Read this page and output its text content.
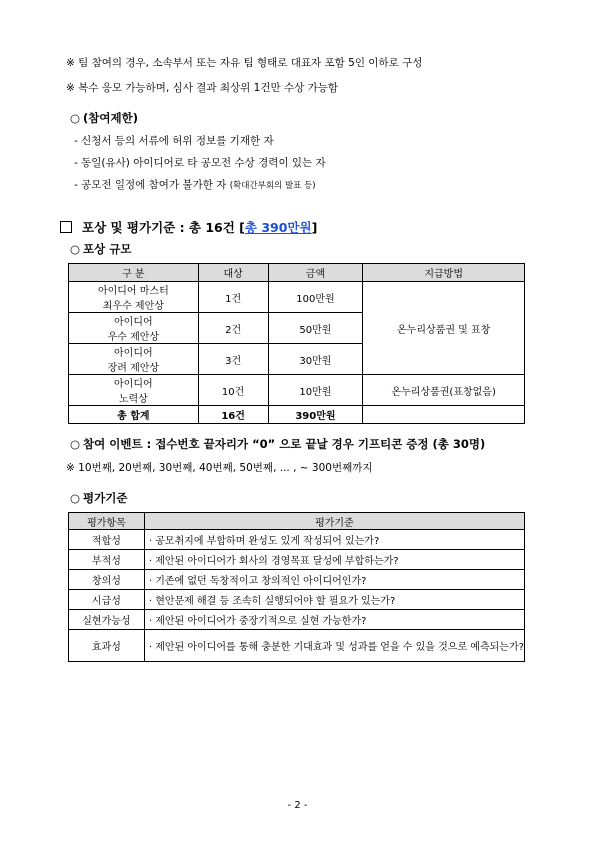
※ 팀 참여의 경우, 소속부서 또는 자유 팀 형태로 대표자 포함 5인 이하로 구성
※ 복수 응모 가능하며, 심사 결과 최상위 1건만 수상 가능함
○ (참여제한)
- 신청서 등의 서류에 허위 정보를 기재한 자
- 동일(유사) 아이디어로 타 공모전 수상 경력이 있는 자
- 공모전 일정에 참여가 불가한 자 (확대간부회의 발표 등)
포상 및 평가기준 : 총 16건 [총 390만원]
○ 포상 규모
구 분	대상	금액	지급방법
아이디어 마스터
최우수 제안상	1건	100만원	온누리상품권 및 표창
아이디어
우수 제안상	2건	50만원	
아이디어
장려 제안상	3건	30만원	
아이디어
노력상	10건	10만원	온누리상품권(표창없음)
총 합계	16건	390만원	
○ 참여 이벤트 : 접수번호 끝자리가 “0” 으로 끝날 경우 기프티콘 증정 (총 30명)
※ 10번째, 20번째, 30번째, 40번째, 50번째, ... , ~ 300번째까지
○ 평가기준
평가항목	평가기준
적합성	· 공모취지에 부합하며 완성도 있게 작성되어 있는가?
부적성	· 제안된 아이디어가 회사의 경영목표 달성에 부합하는가?
창의성	· 기존에 없던 독창적이고 창의적인 아이디어인가?
시급성	· 현안문제 해결 등 조속히 실행되어야 할 필요가 있는가?
실현가능성	· 제안된 아이디어가 중장기적으로 실현 가능한가?
효과성	· 제안된 아이디어를 통해 충분한 기대효과 및 성과를 얻을 수 있을 것으로 예측되는가?
- 2 -
